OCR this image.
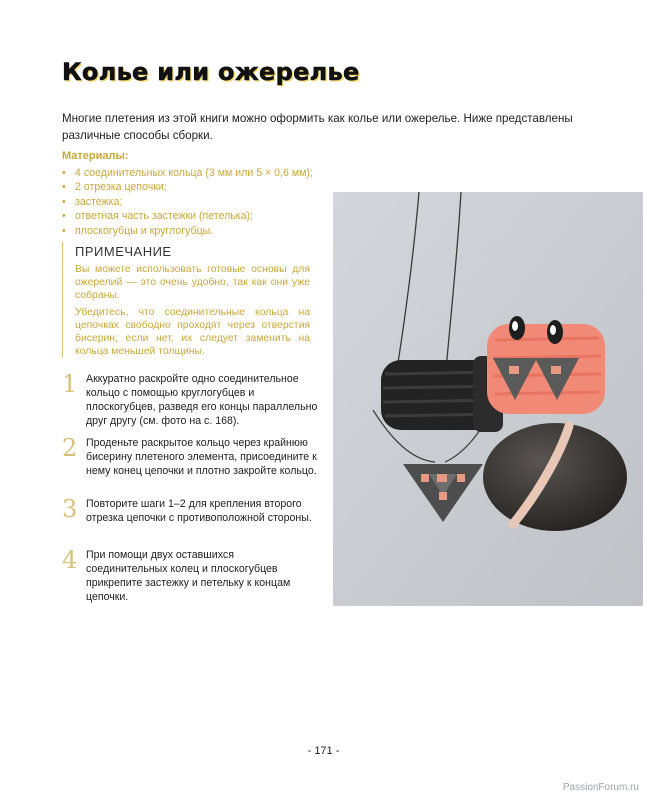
Колье или ожерелье
Многие плетения из этой книги можно оформить как колье или ожерелье. Ниже представлены различные способы сборки.
Материалы:
• 4 соединительных кольца (3 мм или 5 × 0,6 мм);
• 2 отрезка цепочки;
• застежка;
• ответная часть застежки (петелька);
• плоскогубцы и круглогубцы.
ПРИМЕЧАНИЕ

Вы можете использовать готовые основы для ожерелий — это очень удобно, так как они уже собраны.

Убедитесь, что соединительные кольца на цепочках свободно проходят через отверстия бисерин; если нет, их следует заменить на кольца меньшей толщины.

1 Аккуратно раскройте одно соединительное кольцо с помощью круглогубцев и плоскогубцев, разведя его концы параллельно друг другу (см. фото на с. 168).
2 Проденьте раскрытое кольцо через крайнюю бисерину плетеного элемента, присоедините к нему конец цепочки и плотно закройте кольцо.
3 Повторите шаги 1–2 для крепления второго отрезка цепочки с противоположной стороны.
4 При помощи двух оставшихся соединительных колец и плоскогубцев прикрепите застежку и петельку к концам цепочки.
- 171 -
PassionForum.ru
